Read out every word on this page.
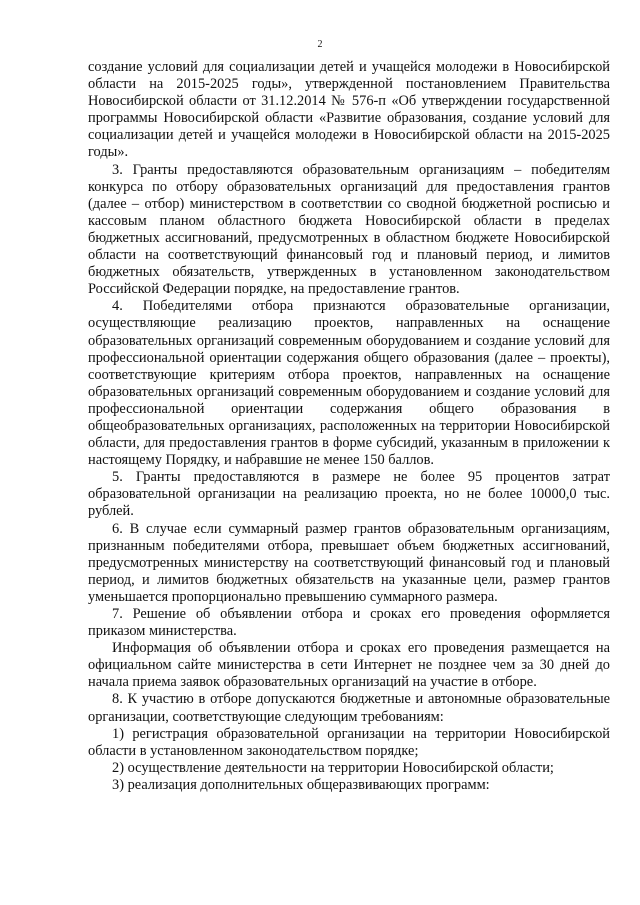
2

создание условий для социализации детей и учащейся молодежи в Новосибирской области на 2015-2025 годы», утвержденной постановлением Правительства Новосибирской области от 31.12.2014 № 576-п «Об утверждении государственной программы Новосибирской области «Развитие образования, создание условий для социализации детей и учащейся молодежи в Новосибирской области на 2015-2025 годы».

3. Гранты предоставляются образовательным организациям – победителям конкурса по отбору образовательных организаций для предоставления грантов (далее – отбор) министерством в соответствии со сводной бюджетной росписью и кассовым планом областного бюджета Новосибирской области в пределах бюджетных ассигнований, предусмотренных в областном бюджете Новосибирской области на соответствующий финансовый год и плановый период, и лимитов бюджетных обязательств, утвержденных в установленном законодательством Российской Федерации порядке, на предоставление грантов.

4. Победителями отбора признаются образовательные организации, осуществляющие реализацию проектов, направленных на оснащение образовательных организаций современным оборудованием и создание условий для профессиональной ориентации содержания общего образования (далее – проекты), соответствующие критериям отбора проектов, направленных на оснащение образовательных организаций современным оборудованием и создание условий для профессиональной ориентации содержания общего образования в общеобразовательных организациях, расположенных на территории Новосибирской области, для предоставления грантов в форме субсидий, указанным в приложении к настоящему Порядку, и набравшие не менее 150 баллов.

5. Гранты предоставляются в размере не более 95 процентов затрат образовательной организации на реализацию проекта, но не более 10000,0 тыс. рублей.

6. В случае если суммарный размер грантов образовательным организациям, признанным победителями отбора, превышает объем бюджетных ассигнований, предусмотренных министерству на соответствующий финансовый год и плановый период, и лимитов бюджетных обязательств на указанные цели, размер грантов уменьшается пропорционально превышению суммарного размера.

7. Решение об объявлении отбора и сроках его проведения оформляется приказом министерства.

Информация об объявлении отбора и сроках его проведения размещается на официальном сайте министерства в сети Интернет не позднее чем за 30 дней до начала приема заявок образовательных организаций на участие в отборе.

8. К участию в отборе допускаются бюджетные и автономные образовательные организации, соответствующие следующим требованиям:

1) регистрация образовательной организации на территории Новосибирской области в установленном законодательством порядке;

2) осуществление деятельности на территории Новосибирской области;

3) реализация дополнительных общеразвивающих программ:
